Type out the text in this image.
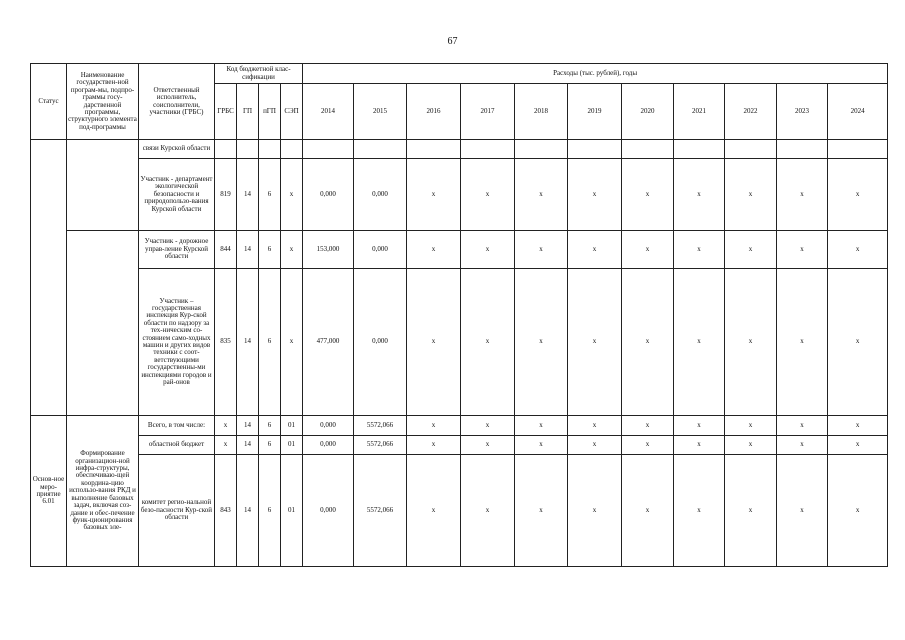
67
Статус	Наименование государствен-ной програм-мы, подпро-граммы госу-дарственной программы, структурного элемента под-программы	Ответственный исполнитель, соисполнители, участники (ГРБС)	Код бюджетной клас-сификации				Расходы (тыс. рублей), годы										
			ГРБС	ГП	пГП	СЭП	2014	2015	2016	2017	2018	2019	2020	2021	2022	2023	2024
		связи Курской области															
		Участник - департамент экологической безопасности и природопользо-вания Курской области	819	14	6	х	0,000	0,000	х	х	х	х	х	х	х	х	х
		Участник - дорожное управ-ление Курской области	844	14	6	х	153,000	0,000	х	х	х	х	х	х	х	х	х
		Участник – государственная инспекция Кур-ской области по надзору за тех-ническим со-стоянием само-ходных машин и других видов техники с соот-ветствующими государственны-ми инспекциями городов и рай-онов	835	14	6	х	477,000	0,000	х	х	х	х	х	х	х	х	х
Основ-ное меро-приятие 6.01	Формирование организацион-ной инфра-структуры, обеспечиваю-щей координа-цию использо-вания РКД и выполнение базовых задач, включая соз-дание и обес-печение функ-ционирования базовых эле-	Всего, в том числе:	х	14	6	01	0,000	5572,066	х	х	х	х	х	х	х	х	х
		областной бюджет	х	14	6	01	0,000	5572,066	х	х	х	х	х	х	х	х	х
		комитет регио-нальной безо-пасности Кур-ской области	843	14	6	01	0,000	5572,066	х	х	х	х	х	х	х	х	х
